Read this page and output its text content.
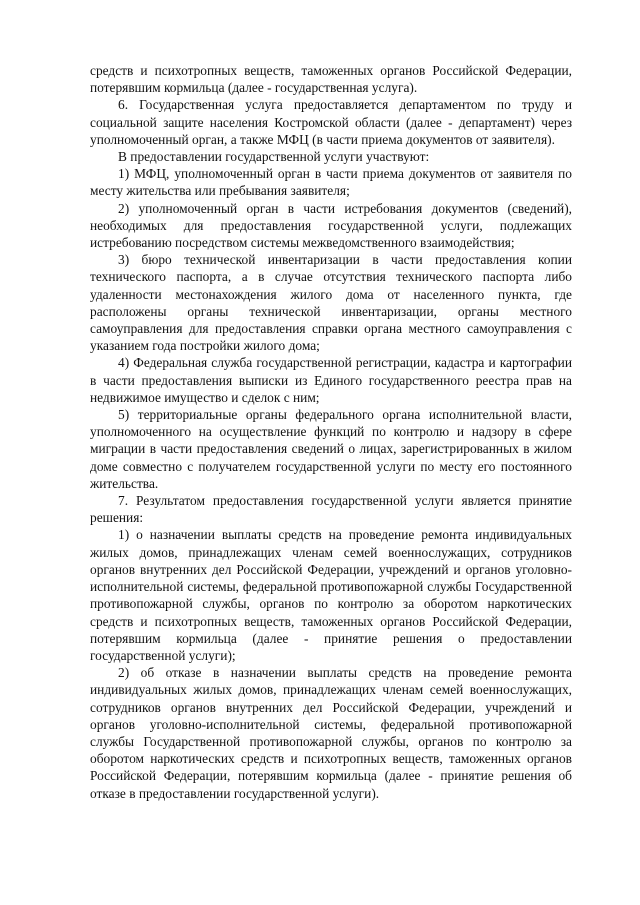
средств и психотропных веществ, таможенных органов Российской Федерации, потерявшим кормильца (далее - государственная услуга).

6. Государственная услуга предоставляется департаментом по труду и социальной защите населения Костромской области (далее - департамент) через уполномоченный орган, а также МФЦ (в части приема документов от заявителя).

В предоставлении государственной услуги участвуют:

1) МФЦ, уполномоченный орган в части приема документов от заявителя по месту жительства или пребывания заявителя;

2) уполномоченный орган в части истребования документов (сведений), необходимых для предоставления государственной услуги, подлежащих истребованию посредством системы межведомственного взаимодействия;

3) бюро технической инвентаризации в части предоставления копии технического паспорта, а в случае отсутствия технического паспорта либо удаленности местонахождения жилого дома от населенного пункта, где расположены органы технической инвентаризации, органы местного самоуправления для предоставления справки органа местного самоуправления с указанием года постройки жилого дома;

4) Федеральная служба государственной регистрации, кадастра и картографии в части предоставления выписки из Единого государственного реестра прав на недвижимое имущество и сделок с ним;

5) территориальные органы федерального органа исполнительной власти, уполномоченного на осуществление функций по контролю и надзору в сфере миграции в части предоставления сведений о лицах, зарегистрированных в жилом доме совместно с получателем государственной услуги по месту его постоянного жительства.

7. Результатом предоставления государственной услуги является принятие решения:

1) о назначении выплаты средств на проведение ремонта индивидуальных жилых домов, принадлежащих членам семей военнослужащих, сотрудников органов внутренних дел Российской Федерации, учреждений и органов уголовно-исполнительной системы, федеральной противопожарной службы Государственной противопожарной службы, органов по контролю за оборотом наркотических средств и психотропных веществ, таможенных органов Российской Федерации, потерявшим кормильца (далее - принятие решения о предоставлении государственной услуги);

2) об отказе в назначении выплаты средств на проведение ремонта индивидуальных жилых домов, принадлежащих членам семей военнослужащих, сотрудников органов внутренних дел Российской Федерации, учреждений и органов уголовно-исполнительной системы, федеральной противопожарной службы Государственной противопожарной службы, органов по контролю за оборотом наркотических средств и психотропных веществ, таможенных органов Российской Федерации, потерявшим кормильца (далее - принятие решения об отказе в предоставлении государственной услуги).
